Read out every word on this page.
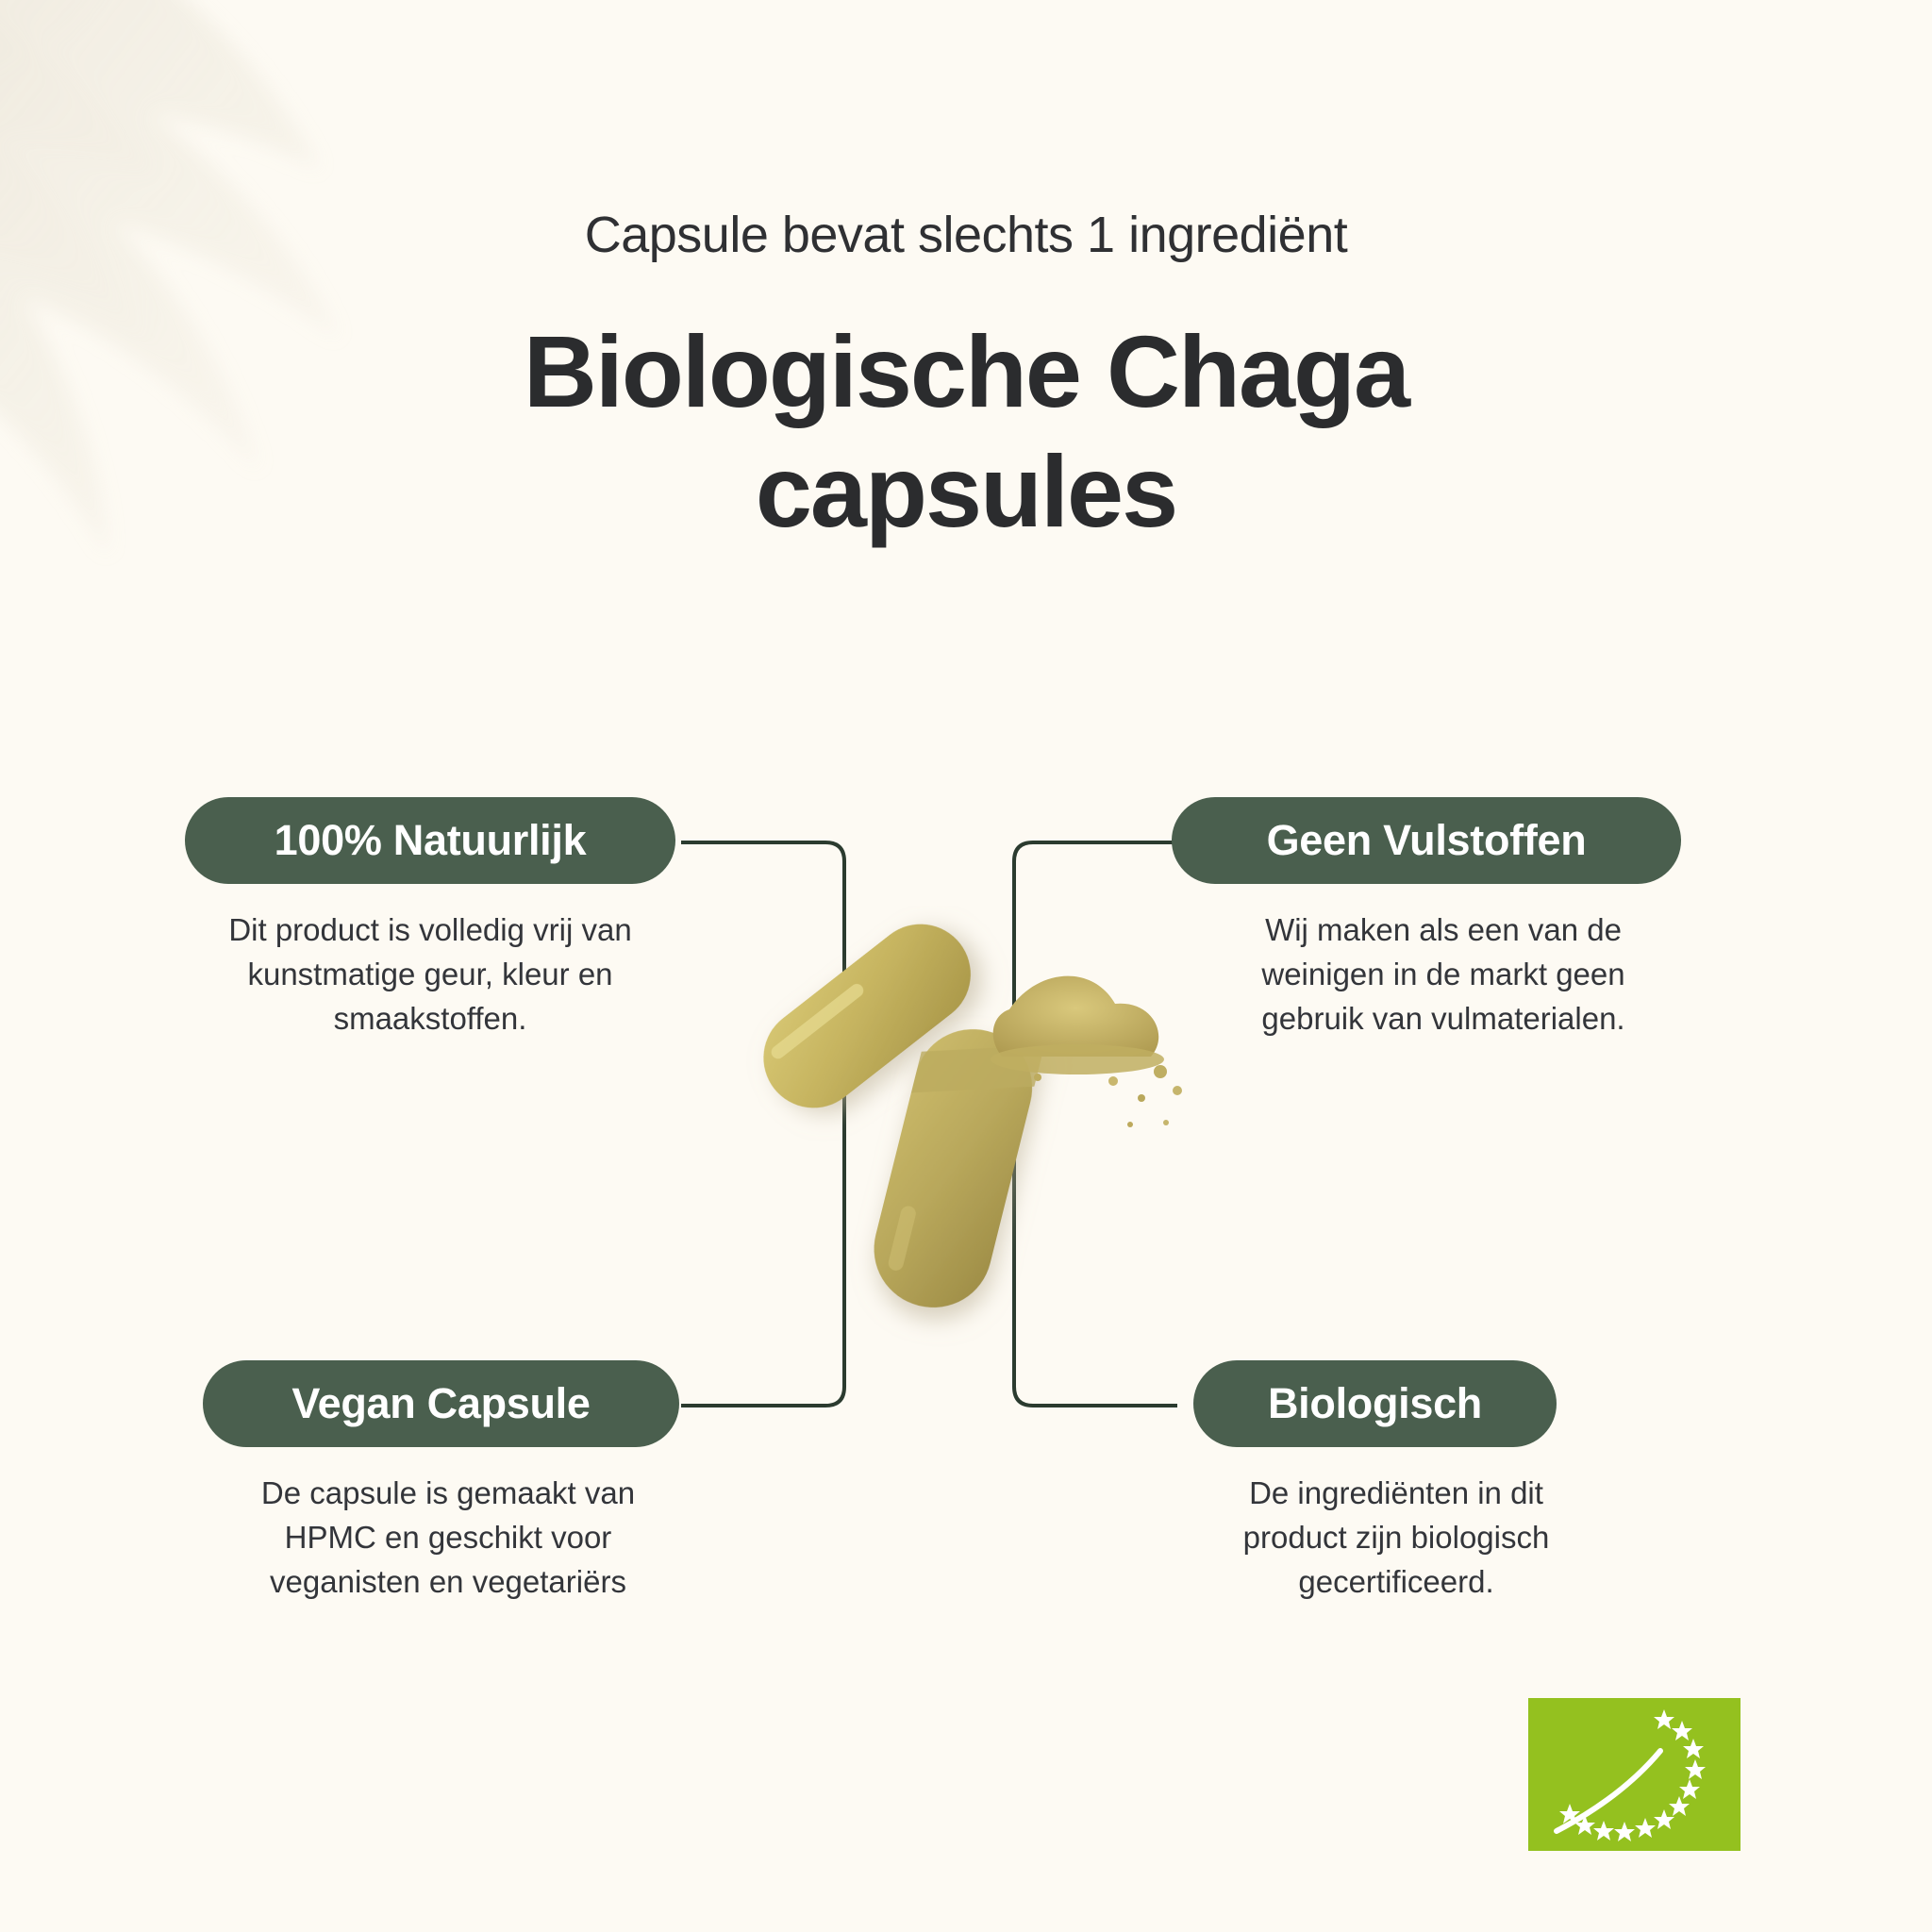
Capsule bevat slechts 1 ingrediënt
Biologische Chaga
capsules
100% Natuurlijk
Dit product is volledig vrij van kunstmatige geur, kleur en smaakstoffen.
Geen Vulstoffen
Wij maken als een van de weinigen in de markt geen gebruik van vulmaterialen.
Vegan Capsule
De capsule is gemaakt van HPMC en geschikt voor veganisten en vegetariërs
Biologisch
De ingrediënten in dit product zijn biologisch gecertificeerd.
